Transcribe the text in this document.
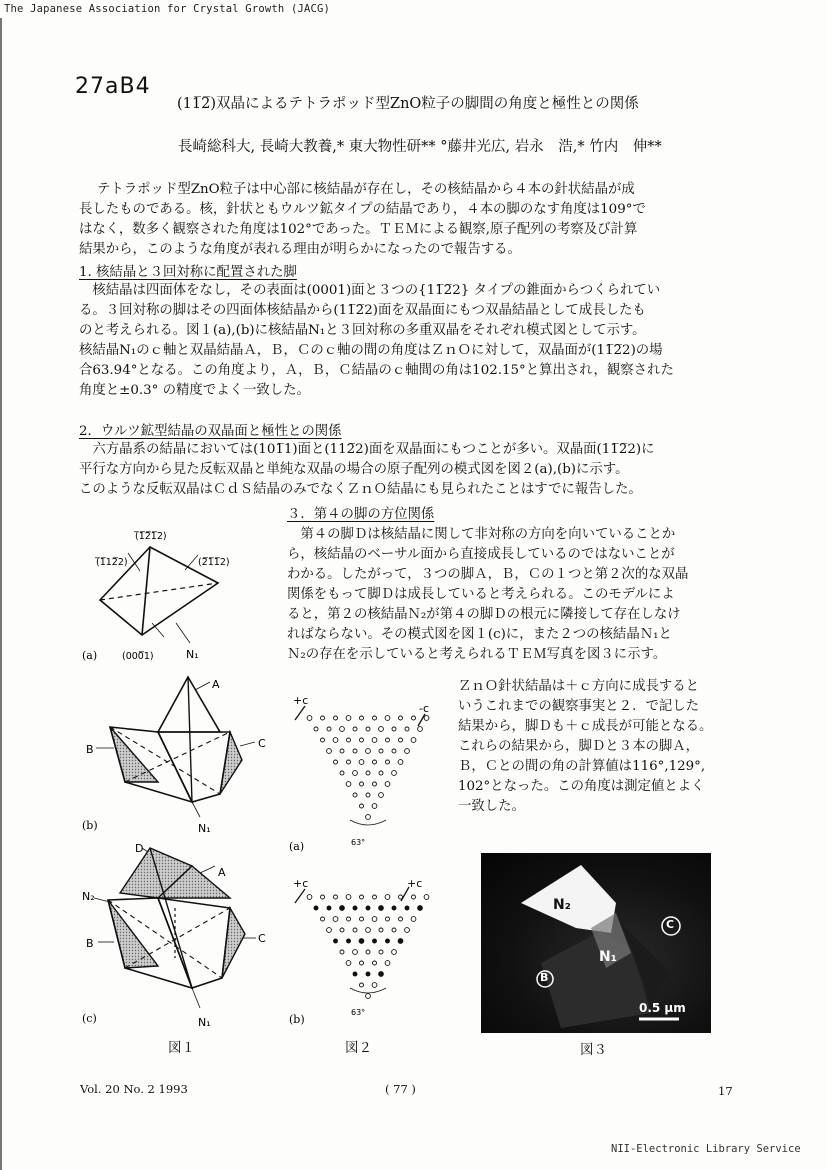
The Japanese Association for Crystal Growth (JACG)
27aB4
(11̅2̅)双晶によるテトラポッド型ZnO粒子の脚間の角度と極性との関係
長崎総科大, 長崎大教養,* 東大物性研** °藤井光広, 岩永　浩,* 竹内　伸**
テトラポッド型ZnO粒子は中心部に核結晶が存在し，その核結晶から４本の針状結晶が成
長したものである。核，針状ともウルツ鉱タイプの結晶であり，４本の脚のなす角度は109°で
はなく，数多く観察された角度は102°であった。ＴＥＭによる観察,原子配列の考察及び計算
結果から，このような角度が表れる理由が明らかになったので報告する。
1. 核結晶と３回対称に配置された脚
　核結晶は四面体をなし，その表面は(0001)面と３つの{11̅2̅2} タイプの錐面からつくられてい
る。３回対称の脚はその四面体核結晶から(11̅2̅2)面を双晶面にもつ双晶結晶として成長したも
のと考えられる。図１(a),(b)に核結晶N₁と３回対称の多重双晶をそれぞれ模式図として示す。
核結晶N₁のｃ軸と双晶結晶Ａ，Ｂ，Ｃのｃ軸の間の角度はＺｎＯに対して，双晶面が(11̅2̅2)の場
合63.94°となる。この角度より，Ａ，Ｂ，Ｃ結晶のｃ軸間の角は102.15°と算出され，観察された
角度と±0.3° の精度でよく一致した。
2．ウルツ鉱型結晶の双晶面と極性との関係
　六方晶系の結晶においては(101̅1)面と(112̅2)面を双晶面にもつことが多い。双晶面(11̅2̅2)に
平行な方向から見た反転双晶と単純な双晶の場合の原子配列の模式図を図２(a),(b)に示す。
このような反転双晶はＣｄＳ結晶のみでなくＺｎＯ結晶にも見られたことはすでに報告した。
３．第４の脚の方位関係
　第４の脚Ｄは核結晶に関して非対称の方向を向いていることか
ら，核結晶のベーサル面から直接成長しているのではないことが
わかる。したがって，３つの脚Ａ，Ｂ，Ｃの１つと第２次的な双晶
関係をもって脚Ｄは成長していると考えられる。このモデルによ
ると，第２の核結晶Ｎ₂が第４の脚Ｄの根元に隣接して存在しなけ
ればならない。その模式図を図１(c)に，また２つの核結晶Ｎ₁と
Ｎ₂の存在を示していると考えられるＴＥＭ写真を図３に示す。
ＺｎＯ針状結晶は＋ｃ方向に成長すると
いうこれまでの観察事実と２．で記した
結果から，脚Ｄも＋ｃ成長が可能となる。
これらの結果から，脚Ｄと３本の脚Ａ，
Ｂ，Ｃとの間の角の計算値は116°,129°,
102°となった。この角度は測定値とよく
一致した。
(̅1̅2̅1̅2)
(̅1̅12̅2)	(2̅1̅1̅2)
(a)	(000̅1)	N₁
A
B	C
N₁
(b)
D
A
N₂
B	C
N₁
(c)
+c
-c
63°
(a)
+c	+c
63°
(b)
N₂
N₁
B
C
0.5 μm
図１	図２	図３
Vol. 20 No. 2 1993	( 77 )	17
NII-Electronic Library Service
